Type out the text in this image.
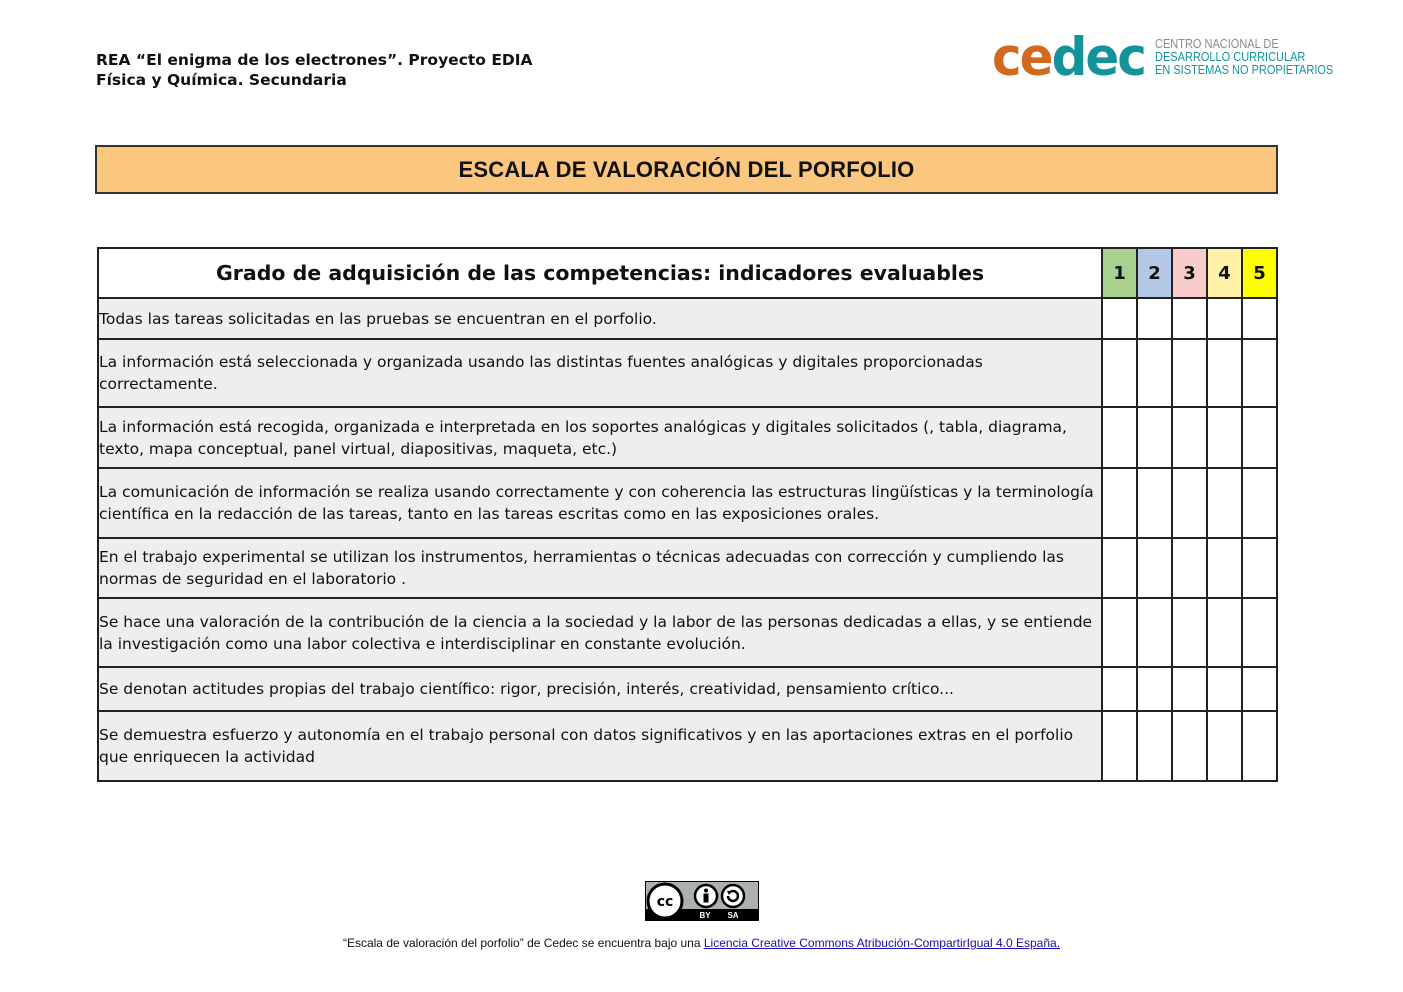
REA “El enigma de los electrones”. Proyecto EDIA
Física y Química. Secundaria	cedec CENTRO NACIONAL DE
DESARROLLO CURRICULAR
EN SISTEMAS NO PROPIETARIOS
ESCALA DE VALORACIÓN DEL PORFOLIO
Grado de adquisición de las competencias: indicadores evaluables	1	2	3	4	5
Todas las tareas solicitadas en las pruebas se encuentran en el porfolio.					
La información está seleccionada y organizada usando las distintas fuentes analógicas y digitales proporcionadas correctamente.					
La información está recogida, organizada e interpretada en los soportes analógicas y digitales solicitados (, tabla, diagrama, texto, mapa conceptual, panel virtual, diapositivas, maqueta, etc.)					
La comunicación de información se realiza usando correctamente y con coherencia las estructuras lingüísticas y la terminología científica en la redacción de las tareas, tanto en las tareas escritas como en las exposiciones orales.					
En el trabajo experimental se utilizan los instrumentos, herramientas o técnicas adecuadas con corrección y cumpliendo las normas de seguridad en el laboratorio .					
Se hace una valoración de la contribución de la ciencia a la sociedad y la labor de las personas dedicadas a ellas, y se entiende la investigación como una labor colectiva e interdisciplinar en constante evolución.					
Se denotan actitudes propias del trabajo científico: rigor, precisión, interés, creatividad, pensamiento crítico...					
Se demuestra esfuerzo y autonomía en el trabajo personal con datos significativos y en las aportaciones extras en el porfolio que enriquecen la actividad					
cc
BY SA
“Escala de valoración del porfolio” de Cedec se encuentra bajo una Licencia Creative Commons Atribución-CompartirIgual 4.0 España.
